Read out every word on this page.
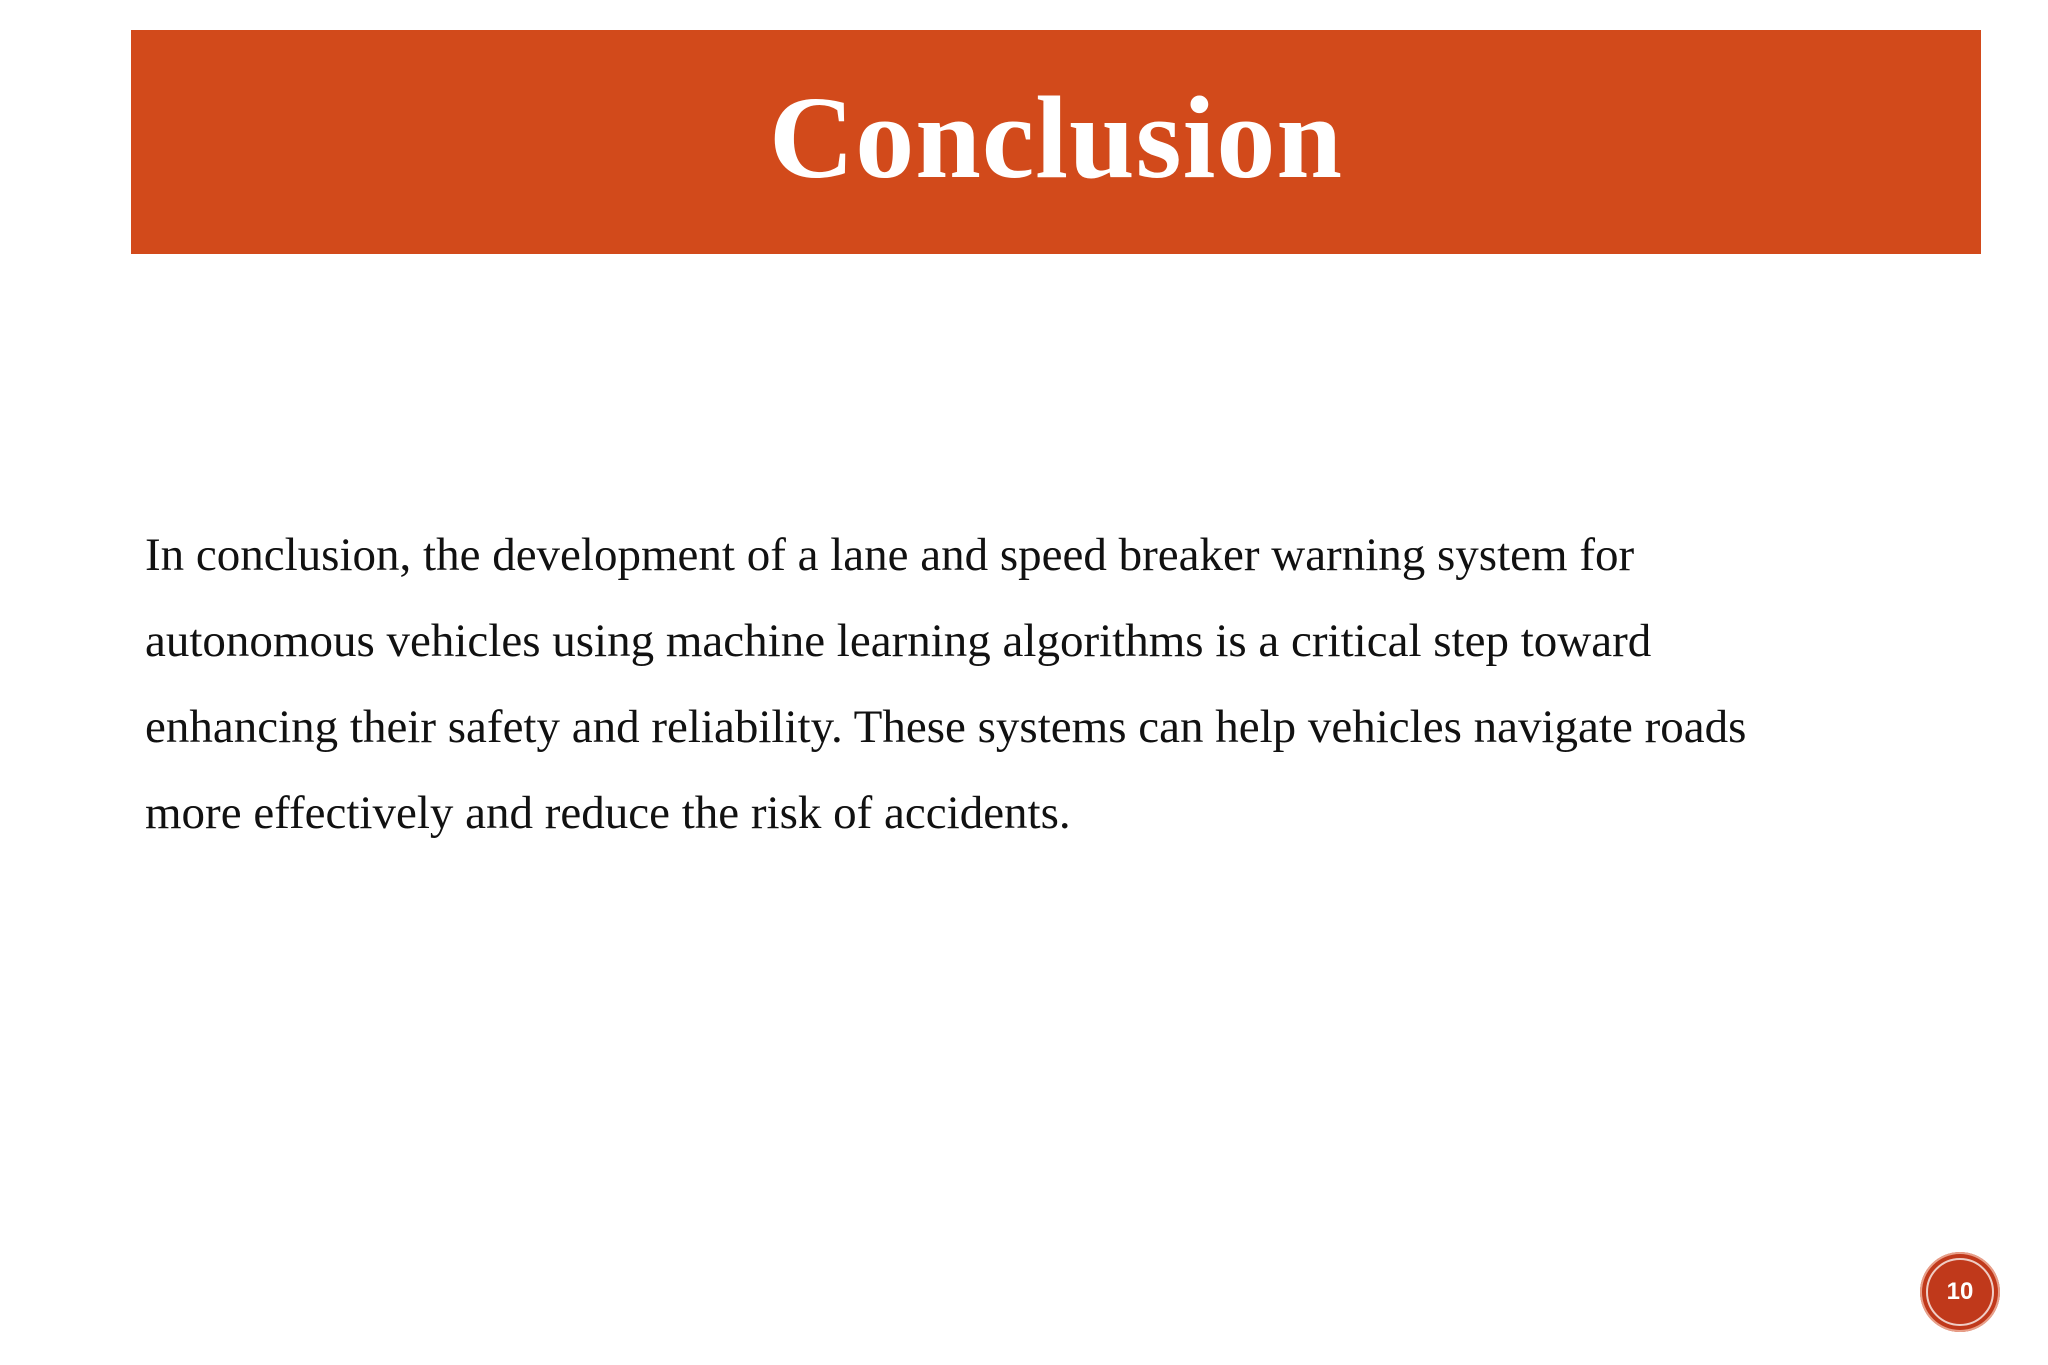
Conclusion
In conclusion, the development of a lane and speed breaker warning system for
autonomous vehicles using machine learning algorithms is a critical step toward
enhancing their safety and reliability. These systems can help vehicles navigate roads
more effectively and reduce the risk of accidents.
10
